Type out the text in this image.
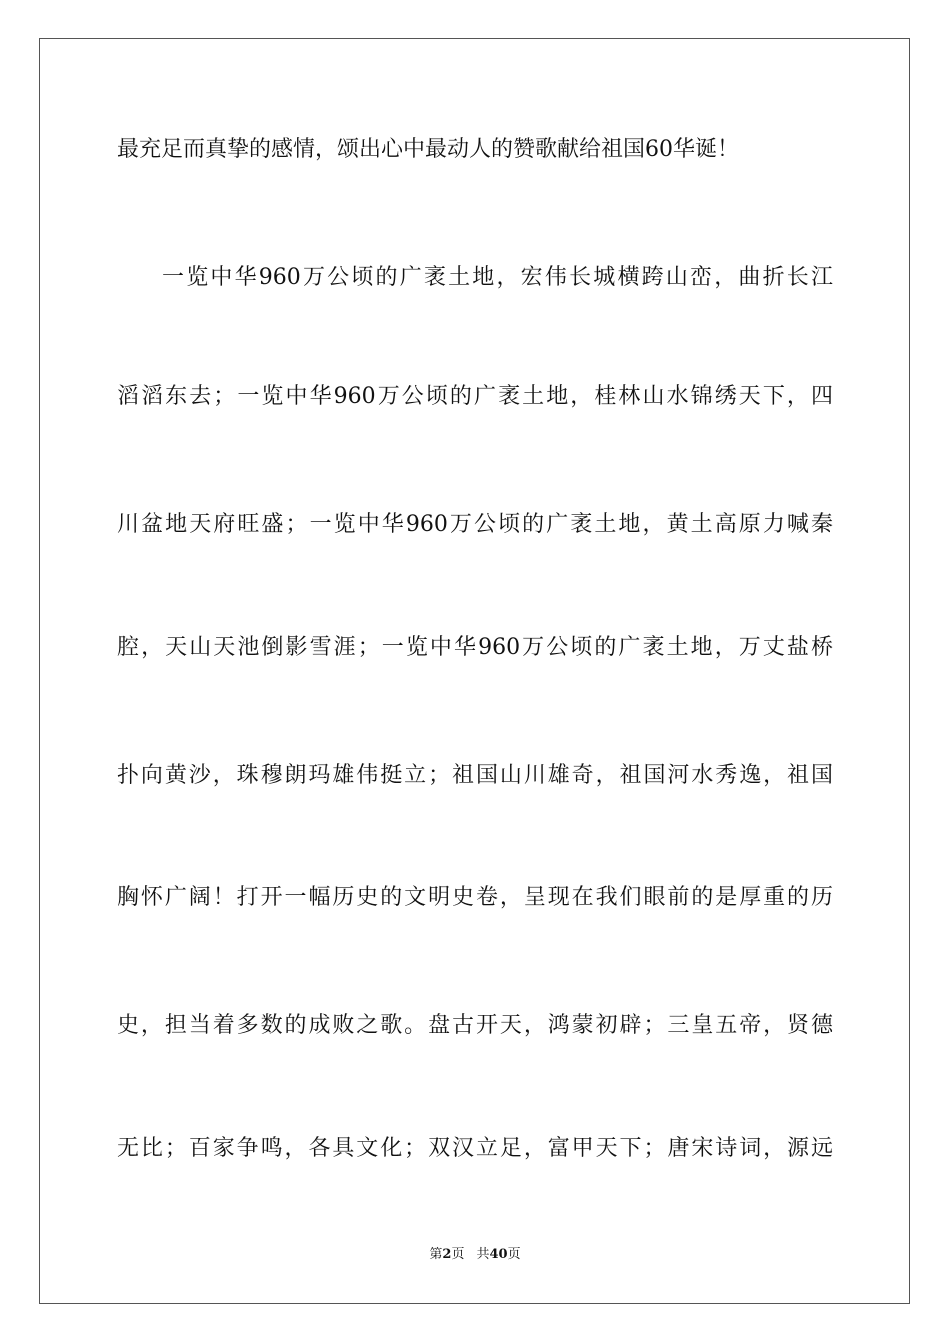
最充足而真挚的感情，颂出心中最动人的赞歌献给祖国60华诞！
一览中华960万公顷的广袤土地，宏伟长城横跨山峦，曲折长江
滔滔东去；一览中华960万公顷的广袤土地，桂林山水锦绣天下，四
川盆地天府旺盛；一览中华960万公顷的广袤土地，黄土高原力喊秦
腔，天山天池倒影雪涯；一览中华960万公顷的广袤土地，万丈盐桥
扑向黄沙，珠穆朗玛雄伟挺立；祖国山川雄奇，祖国河水秀逸，祖国
胸怀广阔！打开一幅历史的文明史卷，呈现在我们眼前的是厚重的历
史，担当着多数的成败之歌。盘古开天，鸿蒙初辟；三皇五帝，贤德
无比；百家争鸣，各具文化；双汉立足，富甲天下；唐宋诗词，源远
第2页 共40页
